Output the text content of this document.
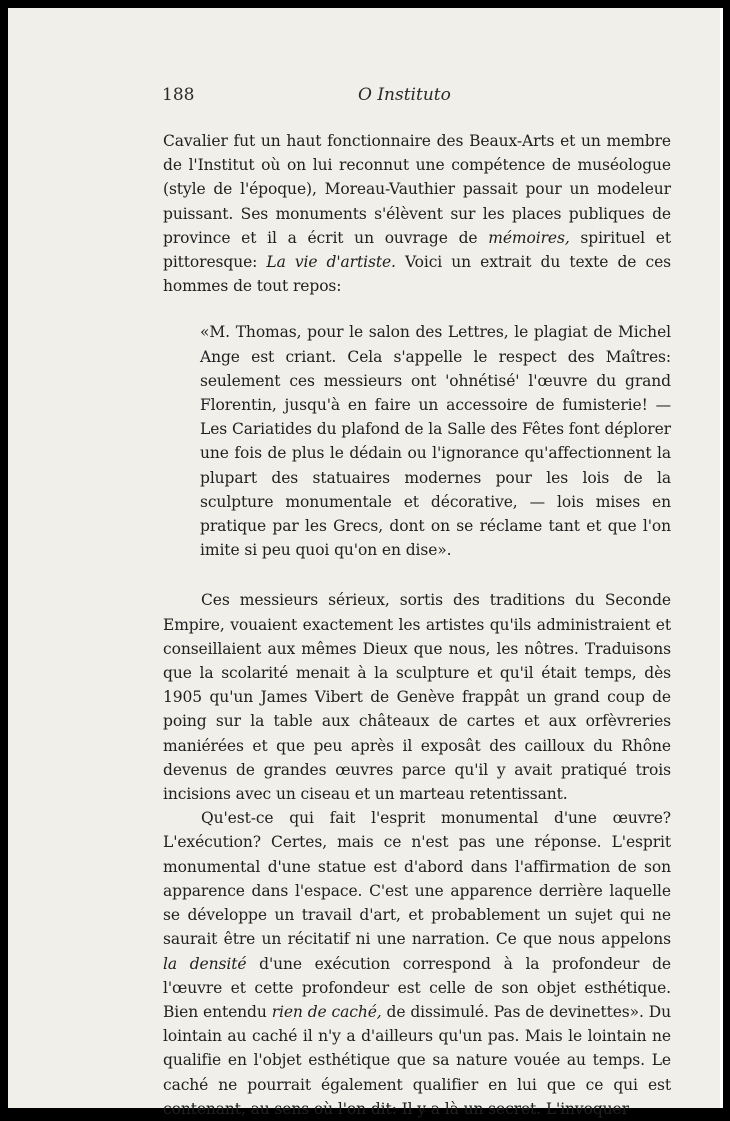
188	O Instituto

Cavalier fut un haut fonctionnaire des Beaux-Arts et un membre de l'Institut où on lui reconnut une compétence de muséologue (style de l'époque), Moreau-Vauthier passait pour un modeleur puissant. Ses monuments s'élèvent sur les places publiques de province et il a écrit un ouvrage de mémoires, spirituel et pittoresque: La vie d'artiste. Voici un extrait du texte de ces hommes de tout repos:

«M. Thomas, pour le salon des Lettres, le plagiat de Michel Ange est criant. Cela s'appelle le respect des Maîtres: seulement ces messieurs ont 'ohnétisé' l'œuvre du grand Florentin, jusqu'à en faire un accessoire de fumisterie! — Les Cariatides du plafond de la Salle des Fêtes font déplorer une fois de plus le dédain ou l'ignorance qu'affectionnent la plupart des statuaires modernes pour les lois de la sculpture monumentale et décorative, — lois mises en pratique par les Grecs, dont on se réclame tant et que l'on imite si peu quoi qu'on en dise».

Ces messieurs sérieux, sortis des traditions du Seconde Empire, vouaient exactement les artistes qu'ils administraient et conseillaient aux mêmes Dieux que nous, les nôtres. Traduisons que la scolarité menait à la sculpture et qu'il était temps, dès 1905 qu'un James Vibert de Genève frappât un grand coup de poing sur la table aux châteaux de cartes et aux orfèvreries maniérées et que peu après il exposât des cailloux du Rhône devenus de grandes œuvres parce qu'il y avait pratiqué trois incisions avec un ciseau et un marteau retentissant.

Qu'est-ce qui fait l'esprit monumental d'une œuvre? L'exécution? Certes, mais ce n'est pas une réponse. L'esprit monumental d'une statue est d'abord dans l'affirmation de son apparence dans l'espace. C'est une apparence derrière laquelle se développe un travail d'art, et probablement un sujet qui ne saurait être un récitatif ni une narration. Ce que nous appelons la densité d'une exécution correspond à la profondeur de l'œuvre et cette profondeur est celle de son objet esthétique. Bien entendu rien de caché, de dissimulé. Pas de devinettes». Du lointain au caché il n'y a d'ailleurs qu'un pas. Mais le lointain ne qualifie en l'objet esthétique que sa nature vouée au temps. Le caché ne pourrait également qualifier en lui que ce qui est contenant, au sens où l'on dit: Il y a là un secret. L'invoquer
